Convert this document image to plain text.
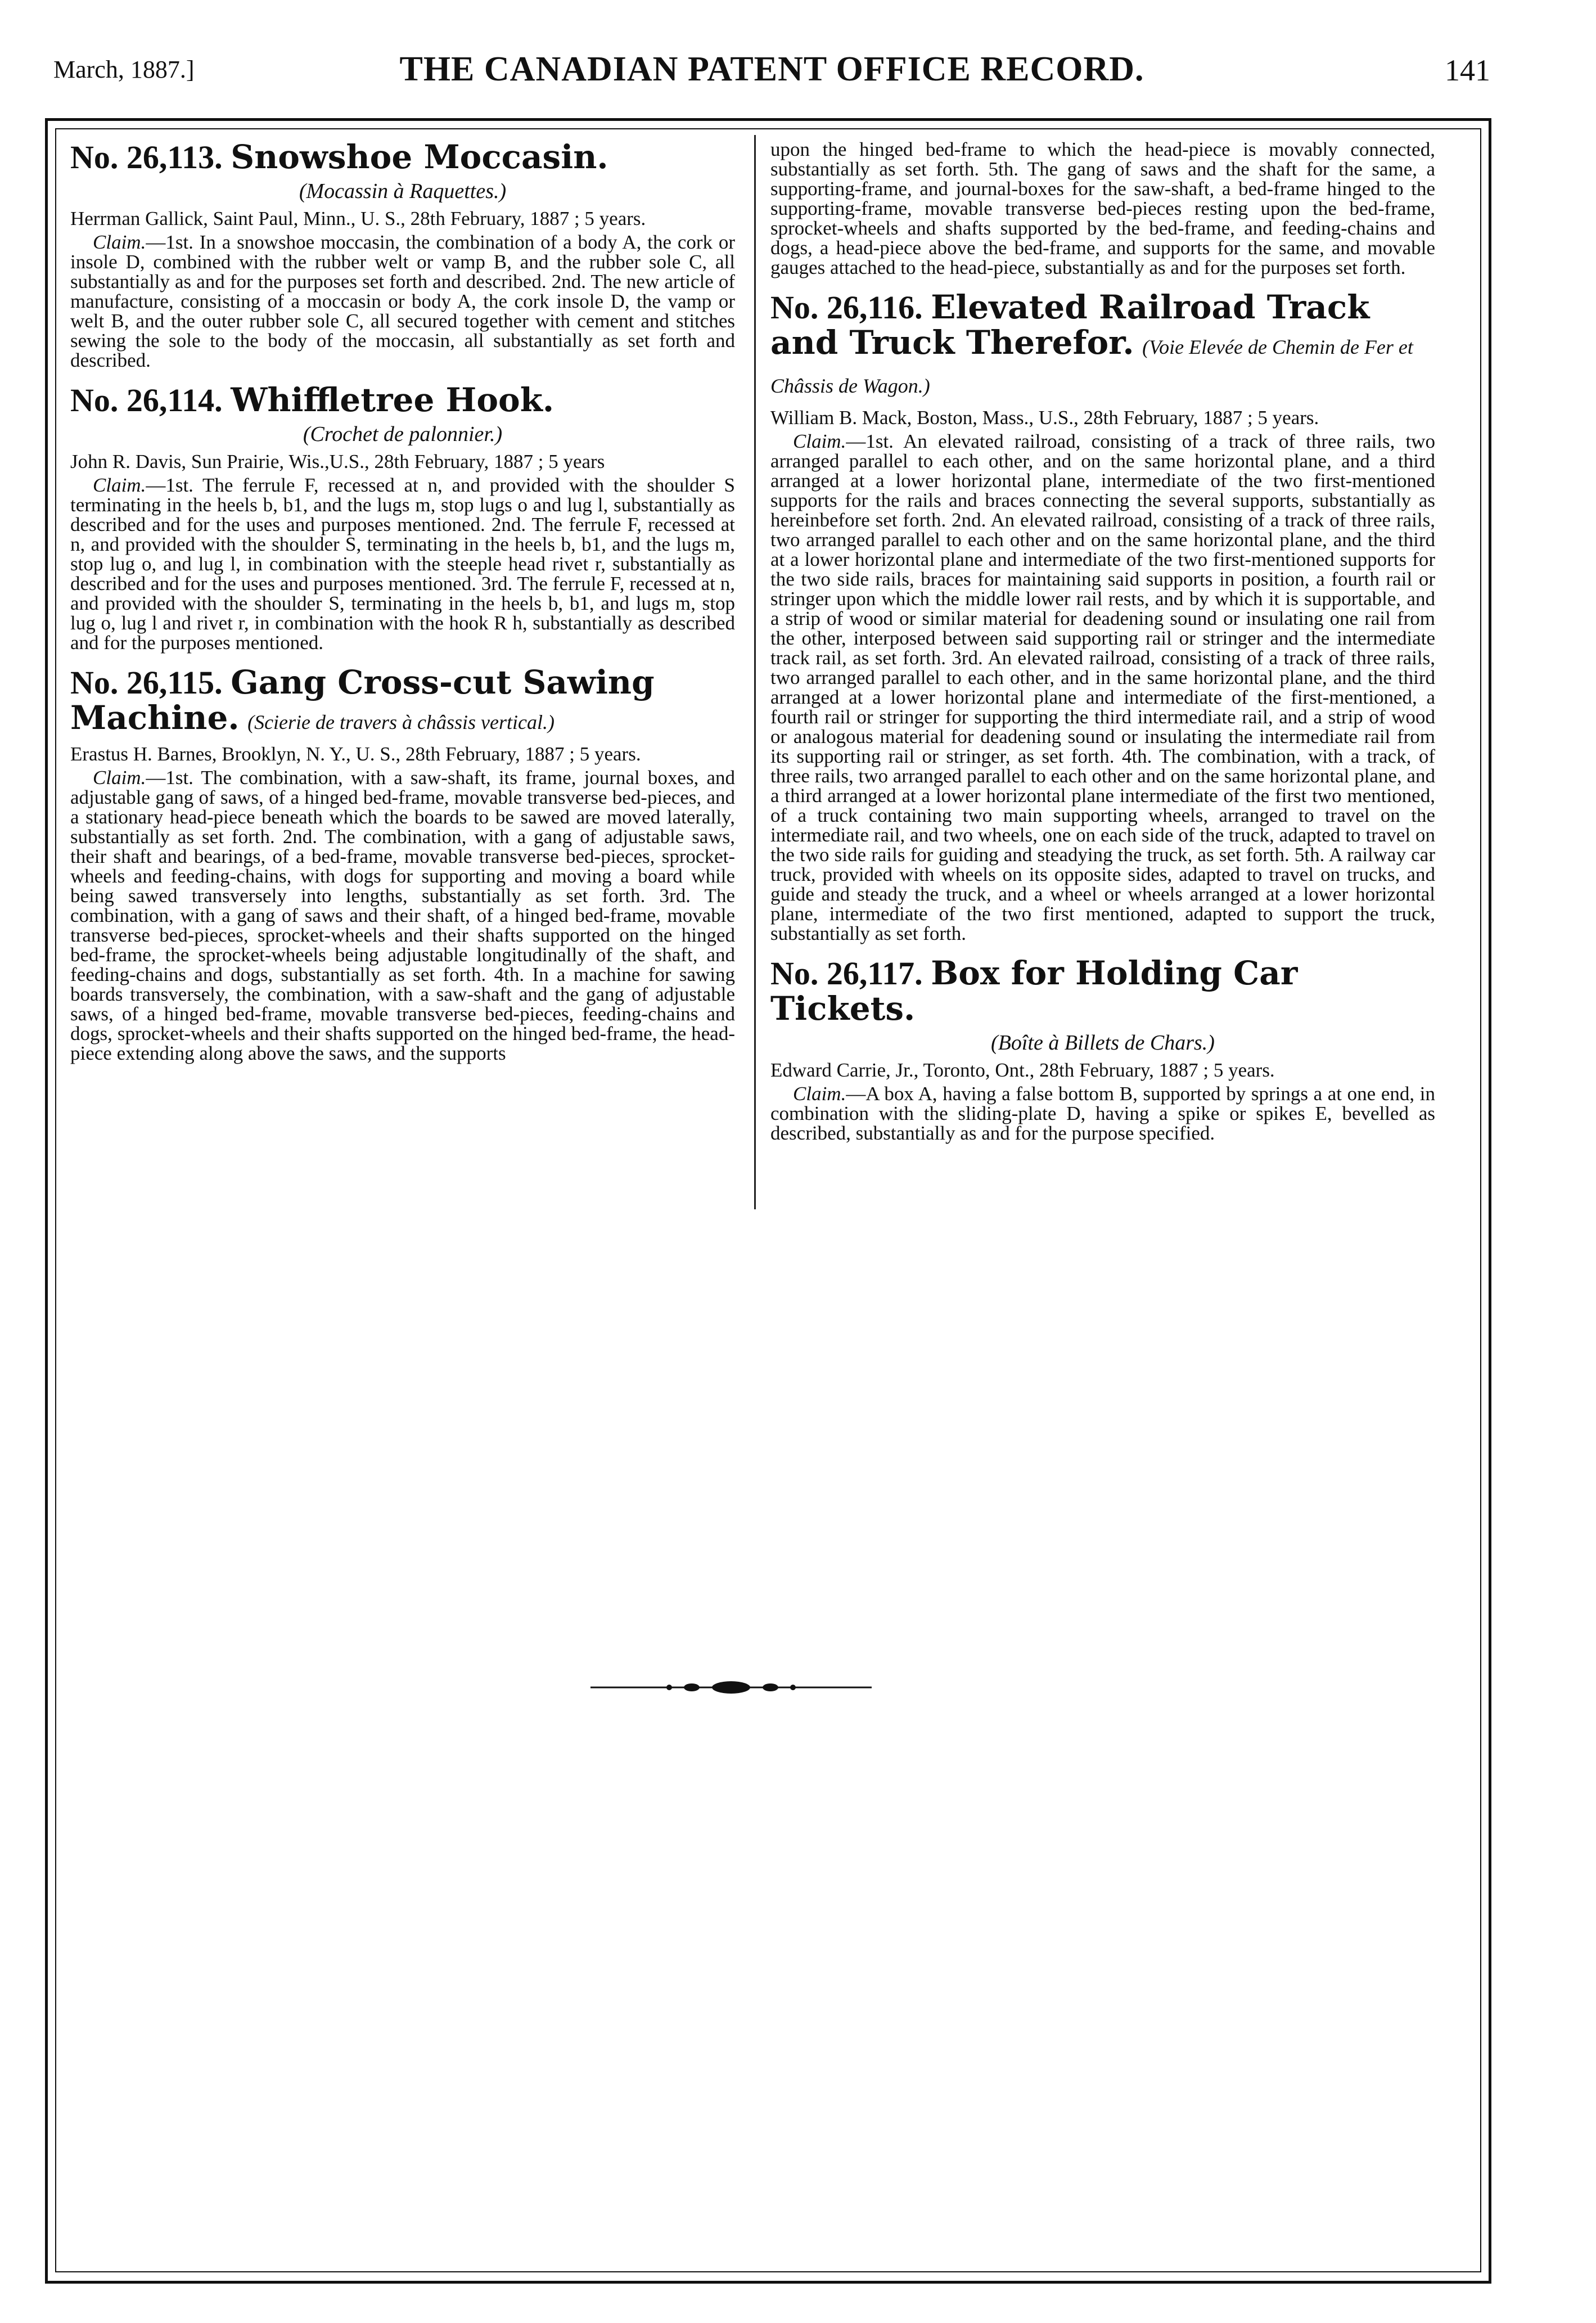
March, 1887.]	THE CANADIAN PATENT OFFICE RECORD.	141
No. 26,113. Snowshoe Moccasin.
(Mocassin à Raquettes.)
Herrman Gallick, Saint Paul, Minn., U. S., 28th February, 1887 ; 5 years.
Claim.—1st. In a snowshoe moccasin, the combination of a body A, the cork or insole D, combined with the rubber welt or vamp B, and the rubber sole C, all substantially as and for the purposes set forth and described. 2nd. The new article of manufacture, consisting of a moccasin or body A, the cork insole D, the vamp or welt B, and the outer rubber sole C, all secured together with cement and stitches sewing the sole to the body of the moccasin, all substantially as set forth and described.
No. 26,114. Whiffletree Hook.
(Crochet de palonnier.)
John R. Davis, Sun Prairie, Wis.,U.S., 28th February, 1887 ; 5 years
Claim.—1st. The ferrule F, recessed at n, and provided with the shoulder S terminating in the heels b, b1, and the lugs m, stop lugs o and lug l, substantially as described and for the uses and purposes mentioned. 2nd. The ferrule F, recessed at n, and provided with the shoulder S, terminating in the heels b, b1, and the lugs m, stop lug o, and lug l, in combination with the steeple head rivet r, substantially as described and for the uses and purposes mentioned. 3rd. The ferrule F, recessed at n, and provided with the shoulder S, terminating in the heels b, b1, and lugs m, stop lug o, lug l and rivet r, in combination with the hook R h, substantially as described and for the purposes mentioned.
No. 26,115. Gang Cross-cut Sawing Machine. (Scierie de travers à châssis vertical.)
Erastus H. Barnes, Brooklyn, N. Y., U. S., 28th February, 1887 ; 5 years.
Claim.—1st. The combination, with a saw-shaft, its frame, journal boxes, and adjustable gang of saws, of a hinged bed-frame, movable transverse bed-pieces, and a stationary head-piece beneath which the boards to be sawed are moved laterally, substantially as set forth. 2nd. The combination, with a gang of adjustable saws, their shaft and bearings, of a bed-frame, movable transverse bed-pieces, sprocket-wheels and feeding-chains, with dogs for supporting and moving a board while being sawed transversely into lengths, substantially as set forth. 3rd. The combination, with a gang of saws and their shaft, of a hinged bed-frame, movable transverse bed-pieces, sprocket-wheels and their shafts supported on the hinged bed-frame, the sprocket-wheels being adjustable longitudinally of the shaft, and feeding-chains and dogs, substantially as set forth. 4th. In a machine for sawing boards transversely, the combination, with a saw-shaft and the gang of adjustable saws, of a hinged bed-frame, movable transverse bed-pieces, feeding-chains and dogs, sprocket-wheels and their shafts supported on the hinged bed-frame, the head-piece extending along above the saws, and the supports
upon the hinged bed-frame to which the head-piece is movably connected, substantially as set forth. 5th. The gang of saws and the shaft for the same, a supporting-frame, and journal-boxes for the saw-shaft, a bed-frame hinged to the supporting-frame, movable transverse bed-pieces resting upon the bed-frame, sprocket-wheels and shafts supported by the bed-frame, and feeding-chains and dogs, a head-piece above the bed-frame, and supports for the same, and movable gauges attached to the head-piece, substantially as and for the purposes set forth.
No. 26,116. Elevated Railroad Track and Truck Therefor. (Voie Elevée de Chemin de Fer et Châssis de Wagon.)
William B. Mack, Boston, Mass., U.S., 28th February, 1887 ; 5 years.
Claim.—1st. An elevated railroad, consisting of a track of three rails, two arranged parallel to each other, and on the same horizontal plane, and a third arranged at a lower horizontal plane, intermediate of the two first-mentioned supports for the rails and braces connecting the several supports, substantially as hereinbefore set forth. 2nd. An elevated railroad, consisting of a track of three rails, two arranged parallel to each other and on the same horizontal plane, and the third at a lower horizontal plane and intermediate of the two first-mentioned supports for the two side rails, braces for maintaining said supports in position, a fourth rail or stringer upon which the middle lower rail rests, and by which it is supportable, and a strip of wood or similar material for deadening sound or insulating one rail from the other, interposed between said supporting rail or stringer and the intermediate track rail, as set forth. 3rd. An elevated railroad, consisting of a track of three rails, two arranged parallel to each other, and in the same horizontal plane, and the third arranged at a lower horizontal plane and intermediate of the first-mentioned, a fourth rail or stringer for supporting the third intermediate rail, and a strip of wood or analogous material for deadening sound or insulating the intermediate rail from its supporting rail or stringer, as set forth. 4th. The combination, with a track, of three rails, two arranged parallel to each other and on the same horizontal plane, and a third arranged at a lower horizontal plane intermediate of the first two mentioned, of a truck containing two main supporting wheels, arranged to travel on the intermediate rail, and two wheels, one on each side of the truck, adapted to travel on the two side rails for guiding and steadying the truck, as set forth. 5th. A railway car truck, provided with wheels on its opposite sides, adapted to travel on trucks, and guide and steady the truck, and a wheel or wheels arranged at a lower horizontal plane, intermediate of the two first mentioned, adapted to support the truck, substantially as set forth.
No. 26,117. Box for Holding Car Tickets.
(Boîte à Billets de Chars.)
Edward Carrie, Jr., Toronto, Ont., 28th February, 1887 ; 5 years.
Claim.—A box A, having a false bottom B, supported by springs a at one end, in combination with the sliding-plate D, having a spike or spikes E, bevelled as described, substantially as and for the purpose specified.
